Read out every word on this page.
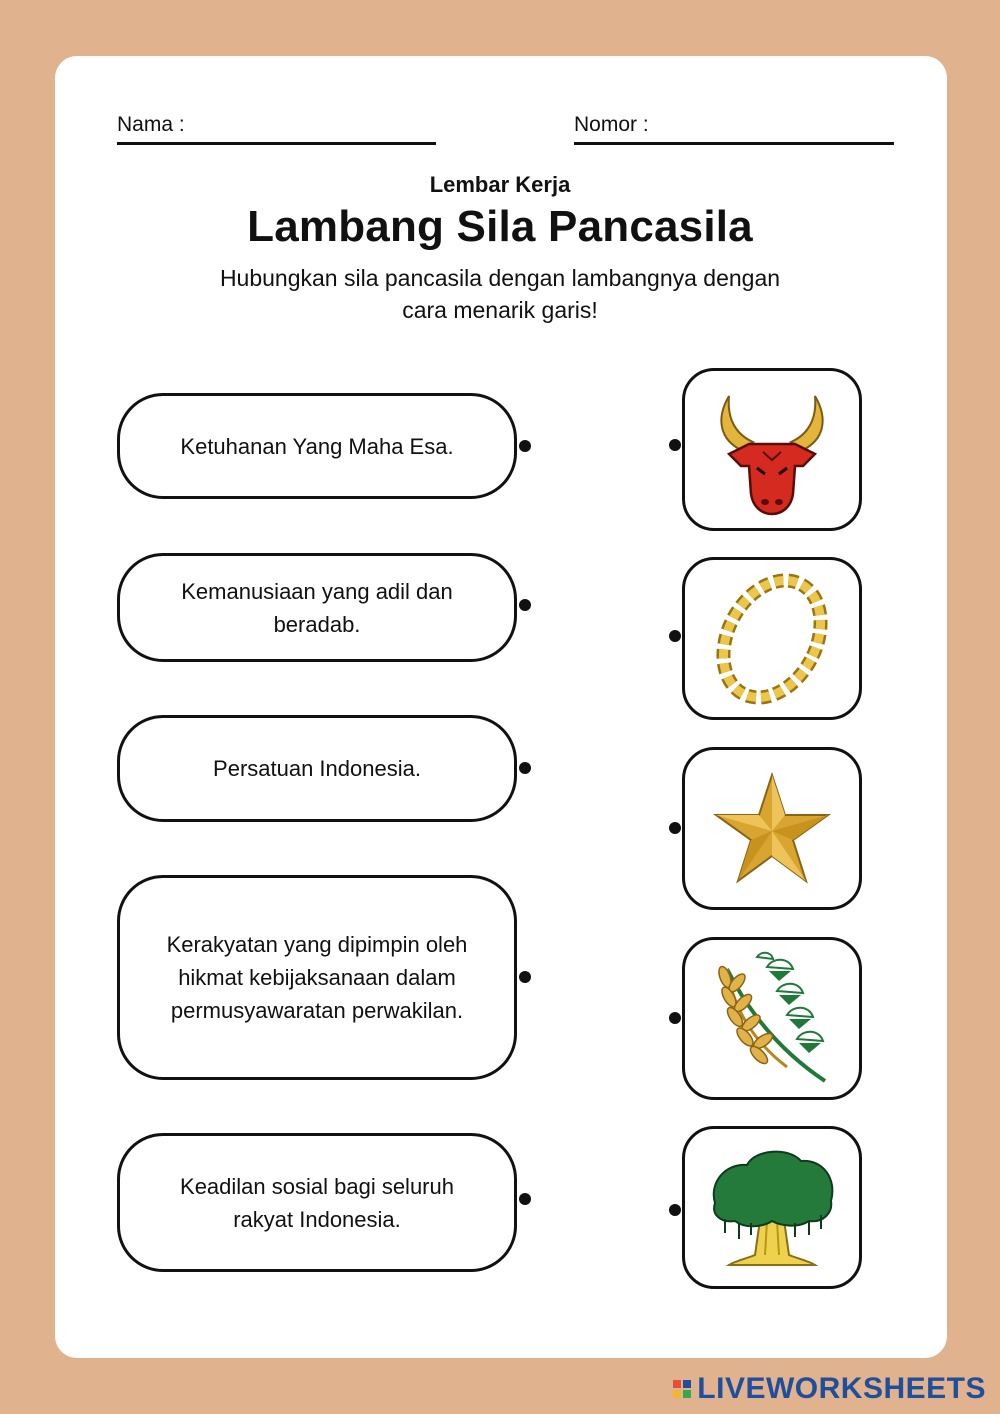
Nama :	Nomor :
Lembar Kerja
Lambang Sila Pancasila
Hubungkan sila pancasila dengan lambangnya dengan
cara menarik garis!
Ketuhanan Yang Maha Esa.
Kemanusiaan yang adil dan beradab.
Persatuan Indonesia.
Kerakyatan yang dipimpin oleh hikmat kebijaksanaan dalam permusyawaratan perwakilan.
Keadilan sosial bagi seluruh rakyat Indonesia.
LIVEWORKSHEETS
